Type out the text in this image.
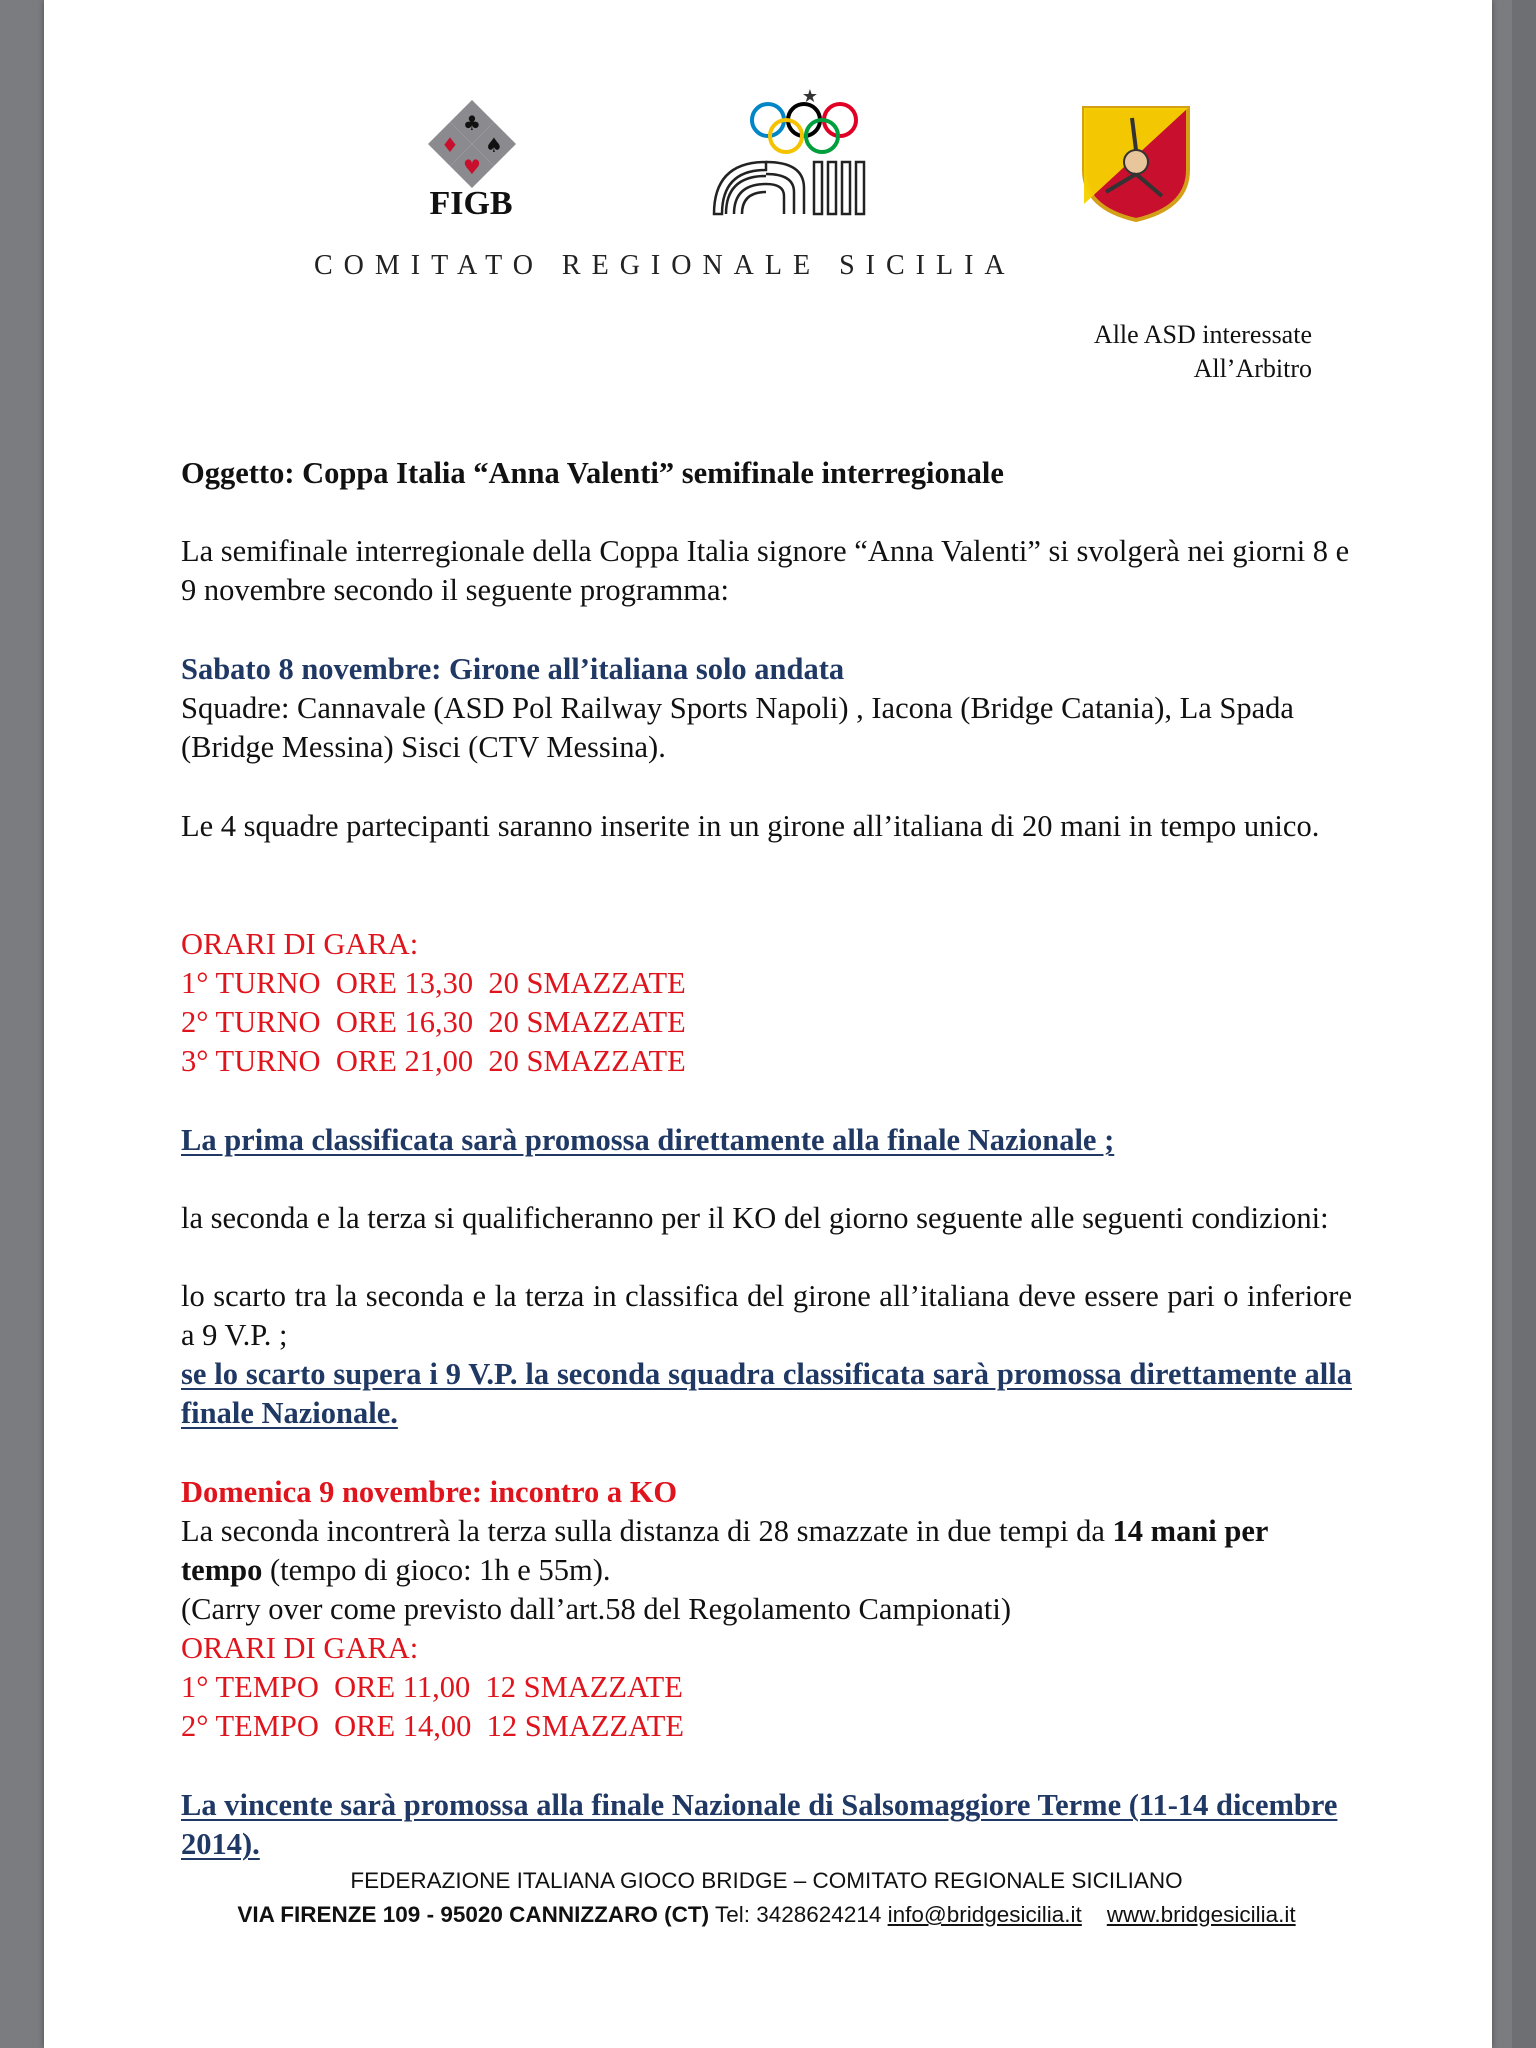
♣
♠
♦
♥
FIGB
★
COMITATO REGIONALE SICILIA
Alle ASD interessate
All’Arbitro
Oggetto: Coppa Italia “Anna Valenti” semifinale interregionale
La semifinale interregionale della Coppa Italia signore “Anna Valenti” si svolgerà nei giorni 8 e 9 novembre secondo il seguente programma:
Sabato 8 novembre: Girone all’italiana solo andata
Squadre: Cannavale (ASD Pol Railway Sports Napoli) , Iacona (Bridge Catania), La Spada (Bridge Messina) Sisci (CTV Messina).
Le 4 squadre partecipanti saranno inserite in un girone all’italiana di 20 mani in tempo unico.
ORARI DI GARA:
1° TURNO  ORE 13,30  20 SMAZZATE
2° TURNO  ORE 16,30  20 SMAZZATE
3° TURNO  ORE 21,00  20 SMAZZATE
La prima classificata sarà promossa direttamente alla finale Nazionale ;
la seconda e la terza si qualificheranno per il KO del giorno seguente alle seguenti condizioni:
lo scarto tra la seconda e la terza in classifica del girone all’italiana deve essere pari o inferiore a 9 V.P. ;
se lo scarto supera i 9 V.P. la seconda squadra classificata sarà promossa direttamente alla finale Nazionale.
Domenica 9 novembre: incontro a KO
La seconda incontrerà la terza sulla distanza di 28 smazzate in due tempi da 14 mani per tempo (tempo di gioco: 1h e 55m).
(Carry over come previsto dall’art.58 del Regolamento Campionati)
ORARI DI GARA:
1° TEMPO  ORE 11,00  12 SMAZZATE
2° TEMPO  ORE 14,00  12 SMAZZATE
La vincente sarà promossa alla finale Nazionale di Salsomaggiore Terme (11-14 dicembre 2014).
FEDERAZIONE ITALIANA GIOCO BRIDGE – COMITATO REGIONALE SICILIANO
VIA FIRENZE 109 - 95020 CANNIZZARO (CT) Tel: 3428624214 info@bridgesicilia.it www.bridgesicilia.it
